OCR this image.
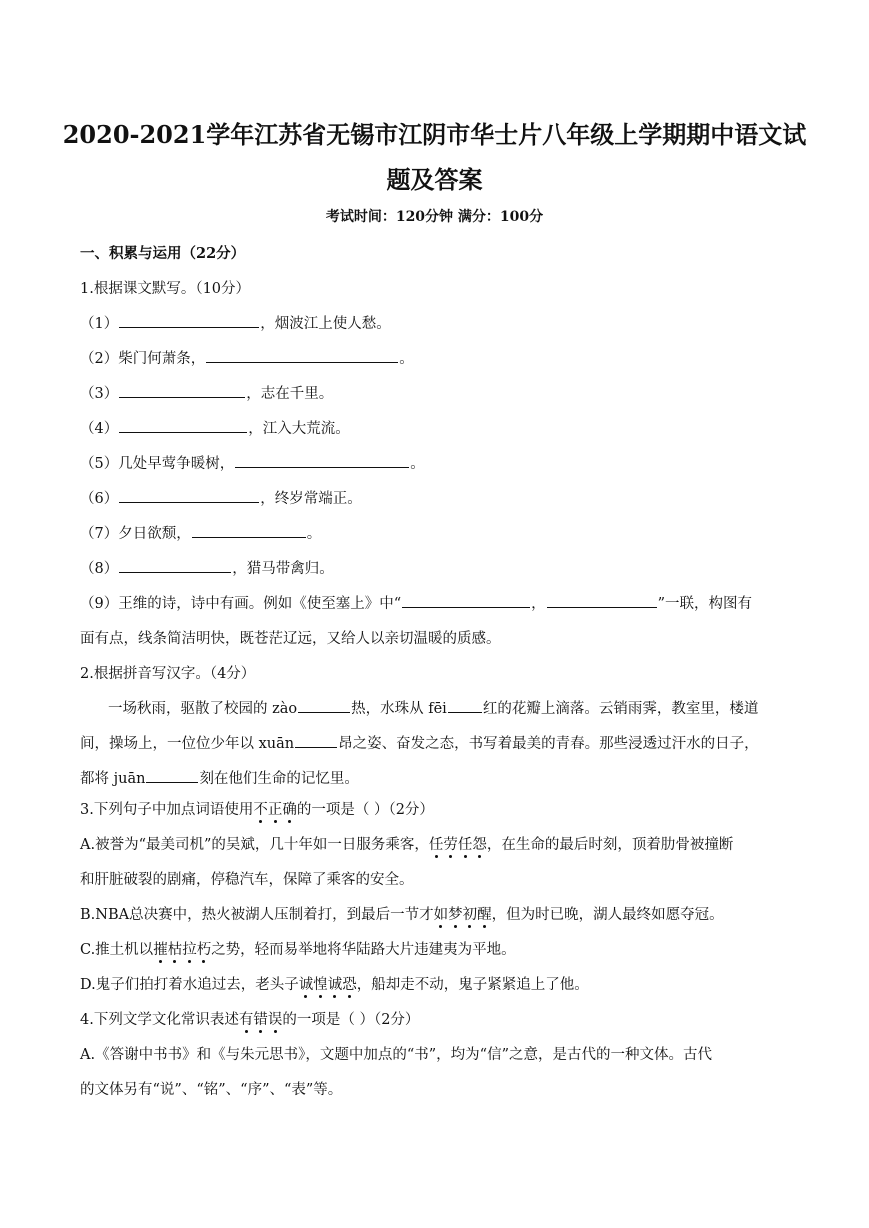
2020-2021学年江苏省无锡市江阴市华士片八年级上学期期中语文试
题及答案
考试时间：120分钟 满分：100分
一、积累与运用（22分）
1.根据课文默写。（10分）
（1）	，烟波江上使人愁。
（2）柴门何萧条，	。
（3）	，志在千里。
（4）	，江入大荒流。
（5）几处早莺争暖树，	。
（6）	，终岁常端正。
（7）夕日欲颓，	。
（8）	，猎马带禽归。
（9）王维的诗，诗中有画。例如《使至塞上》中“	，	”一联，构图有
面有点，线条简洁明快，既苍茫辽远，又给人以亲切温暖的质感。
2.根据拼音写汉字。（4分）
一场秋雨，驱散了校园的 zào	热，水珠从 fēi 红的花瓣上滴落。云销雨霁，教室里，楼道
间，操场上，一位位少年以 xuān	昂之姿、奋发之态，书写着最美的青春。那些浸透过汗水的日子，
都将 juān	刻在他们生命的记忆里。
3.下列句子中加点词语使用不正确的一项是（ ）（2分）
A.被誉为“最美司机”的吴斌，几十年如一日服务乘客，任劳任怨，在生命的最后时刻，顶着肋骨被撞断
和肝脏破裂的剧痛，停稳汽车，保障了乘客的安全。
B.NBA总决赛中，热火被湖人压制着打，到最后一节才如梦初醒，但为时已晚，湖人最终如愿夺冠。
C.推土机以摧枯拉朽之势，轻而易举地将华陆路大片违建夷为平地。
D.鬼子们拍打着水追过去，老头子诚惶诚恐，船却走不动，鬼子紧紧追上了他。
4.下列文学文化常识表述有错误的一项是（ ）（2分）
A.《答谢中书书》和《与朱元思书》，文题中加点的“书”，均为“信”之意，是古代的一种文体。古代
的文体另有“说”、“铭”、“序”、“表”等。
